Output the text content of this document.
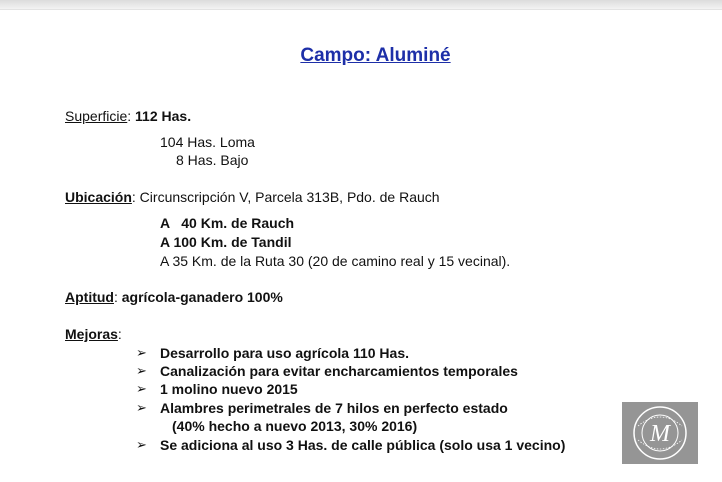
Campo: Aluminé
Superficie: 112 Has.
104 Has. Loma
8 Has. Bajo
Ubicación: Circunscripción V, Parcela 313B, Pdo. de Rauch
A   40 Km. de Rauch
A 100 Km. de Tandil
A 35 Km. de la Ruta 30 (20 de camino real y 15 vecinal).
Aptitud: agrícola-ganadero 100%
Mejoras:
➢ Desarrollo para uso agrícola 110 Has.
➢ Canalización para evitar encharcamientos temporales
➢ 1 molino nuevo 2015
➢ Alambres perimetrales de 7 hilos en perfecto estado
(40% hecho a nuevo 2013, 30% 2016)
➢ Se adiciona al uso 3 Has. de calle pública (solo usa 1 vecino)	M
